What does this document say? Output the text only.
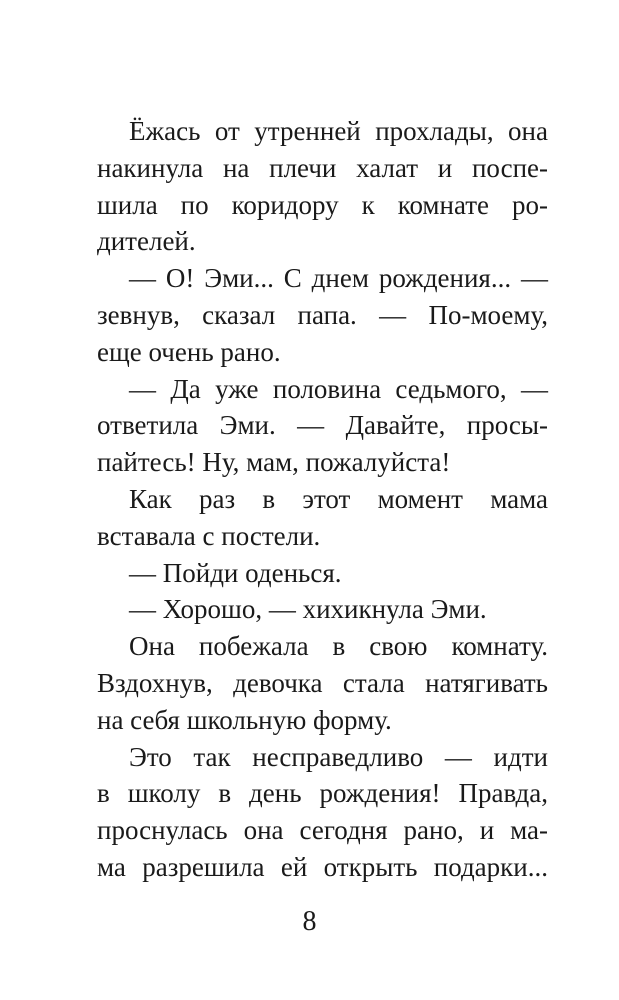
Ёжась от утренней прохлады, она
накинула на плечи халат и поспе-
шила по коридору к комнате ро-
дителей.
— О! Эми... С днем рождения... —
зевнув, сказал папа. — По-моему,
еще очень рано.
— Да уже половина седьмого, —
ответила Эми. — Давайте, просы-
пайтесь! Ну, мам, пожалуйста!
Как раз в этот момент мама
вставала с постели.
— Пойди оденься.
— Хорошо, — хихикнула Эми.
Она побежала в свою комнату.
Вздохнув, девочка стала натягивать
на себя школьную форму.
Это так несправедливо — идти
в школу в день рождения! Правда,
проснулась она сегодня рано, и ма-
ма разрешила ей открыть подарки...
8
